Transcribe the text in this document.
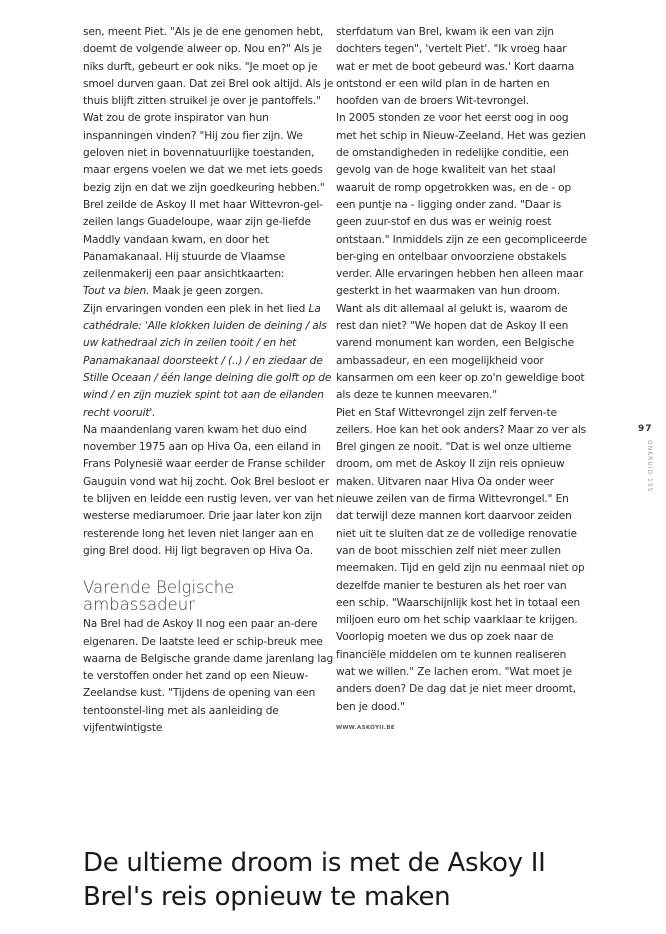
sen, meent Piet. "Als je de ene genomen hebt, doemt de volgende alweer op. Nou en?" Als je niks durft, gebeurt er ook niks. "Je moet op je smoel durven gaan. Dat zei Brel ook altijd. Als je thuis blijft zitten struikel je over je pantoffels."

Wat zou de grote inspirator van hun inspanningen vinden? "Hij zou fier zijn. We geloven niet in bovennatuurlijke toestanden, maar ergens voelen we dat we met iets goeds bezig zijn en dat we zijn goedkeuring hebben."

Brel zeilde de Askoy II met haar Wittevron-gel-zeilen langs Guadeloupe, waar zijn ge-liefde Maddly vandaan kwam, en door het Panamakanaal. Hij stuurde de Vlaamse zeilenmakerij een paar ansichtkaarten:

Tout va bien. Maak je geen zorgen.

Zijn ervaringen vonden een plek in het lied La cathédrale: 'Alle klokken luiden de deining / als uw kathedraal zich in zeilen tooit / en het Panamakanaal doorsteekt / (..) / en ziedaar de Stille Oceaan / één lange deining die golft op de wind / en zijn muziek spint tot aan de eilanden recht vooruit'.

Na maandenlang varen kwam het duo eind november 1975 aan op Hiva Oa, een eiland in Frans Polynesië waar eerder de Franse schilder Gauguin vond wat hij zocht. Ook Brel besloot er te blijven en leidde een rustig leven, ver van het westerse mediarumoer. Drie jaar later kon zijn resterende long het leven niet langer aan en ging Brel dood. Hij ligt begraven op Hiva Oa.

Varende Belgische ambassadeur

Na Brel had de Askoy II nog een paar an-dere eigenaren. De laatste leed er schip-breuk mee waarna de Belgische grande dame jarenlang lag te verstoffen onder het zand op een Nieuw-Zeelandse kust. "Tijdens de opening van een tentoonstel-ling met als aanleiding de vijfentwintigste

sterfdatum van Brel, kwam ik een van zijn dochters tegen", 'vertelt Piet'. "Ik vroeg haar wat er met de boot gebeurd was.' Kort daarna ontstond er een wild plan in de harten en hoofden van de broers Wit-tevrongel.

In 2005 stonden ze voor het eerst oog in oog met het schip in Nieuw-Zeeland. Het was gezien de omstandigheden in redelijke conditie, een gevolg van de hoge kwaliteit van het staal waaruit de romp opgetrokken was, en de - op een puntje na - ligging onder zand. "Daar is geen zuur-stof en dus was er weinig roest ontstaan." Inmiddels zijn ze een gecompliceerde ber-ging en ontelbaar onvoorziene obstakels verder. Alle ervaringen hebben hen alleen maar gesterkt in het waarmaken van hun droom. Want als dit allemaal al gelukt is, waarom de rest dan niet? "We hopen dat de Askoy II een varend monument kan worden, een Belgische ambassadeur, en een mogelijkheid voor kansarmen om een keer op zo'n geweldige boot als deze te kunnen meevaren."

Piet en Staf Wittevrongel zijn zelf ferven-te zeilers. Hoe kan het ook anders? Maar zo ver als Brel gingen ze nooit. "Dat is wel onze ultieme droom, om met de Askoy II zijn reis opnieuw maken. Uitvaren naar Hiva Oa onder weer nieuwe zeilen van de firma Wittevrongel." En dat terwijl deze mannen kort daarvoor zeiden niet uit te sluiten dat ze de volledige renovatie van de boot misschien zelf niet meer zullen meemaken. Tijd en geld zijn nu eenmaal niet op dezelfde manier te besturen als het roer van een schip. "Waarschijnlijk kost het in totaal een miljoen euro om het schip vaarklaar te krijgen. Voorlopig moeten we dus op zoek naar de financiële middelen om te kunnen realiseren wat we willen." Ze lachen erom. "Wat moet je anders doen? De dag dat je niet meer droomt, ben je dood."

WWW.ASKOYII.BE
97
ONKRUID 155
De ultieme droom is met de Askoy II Brel's reis opnieuw te maken
